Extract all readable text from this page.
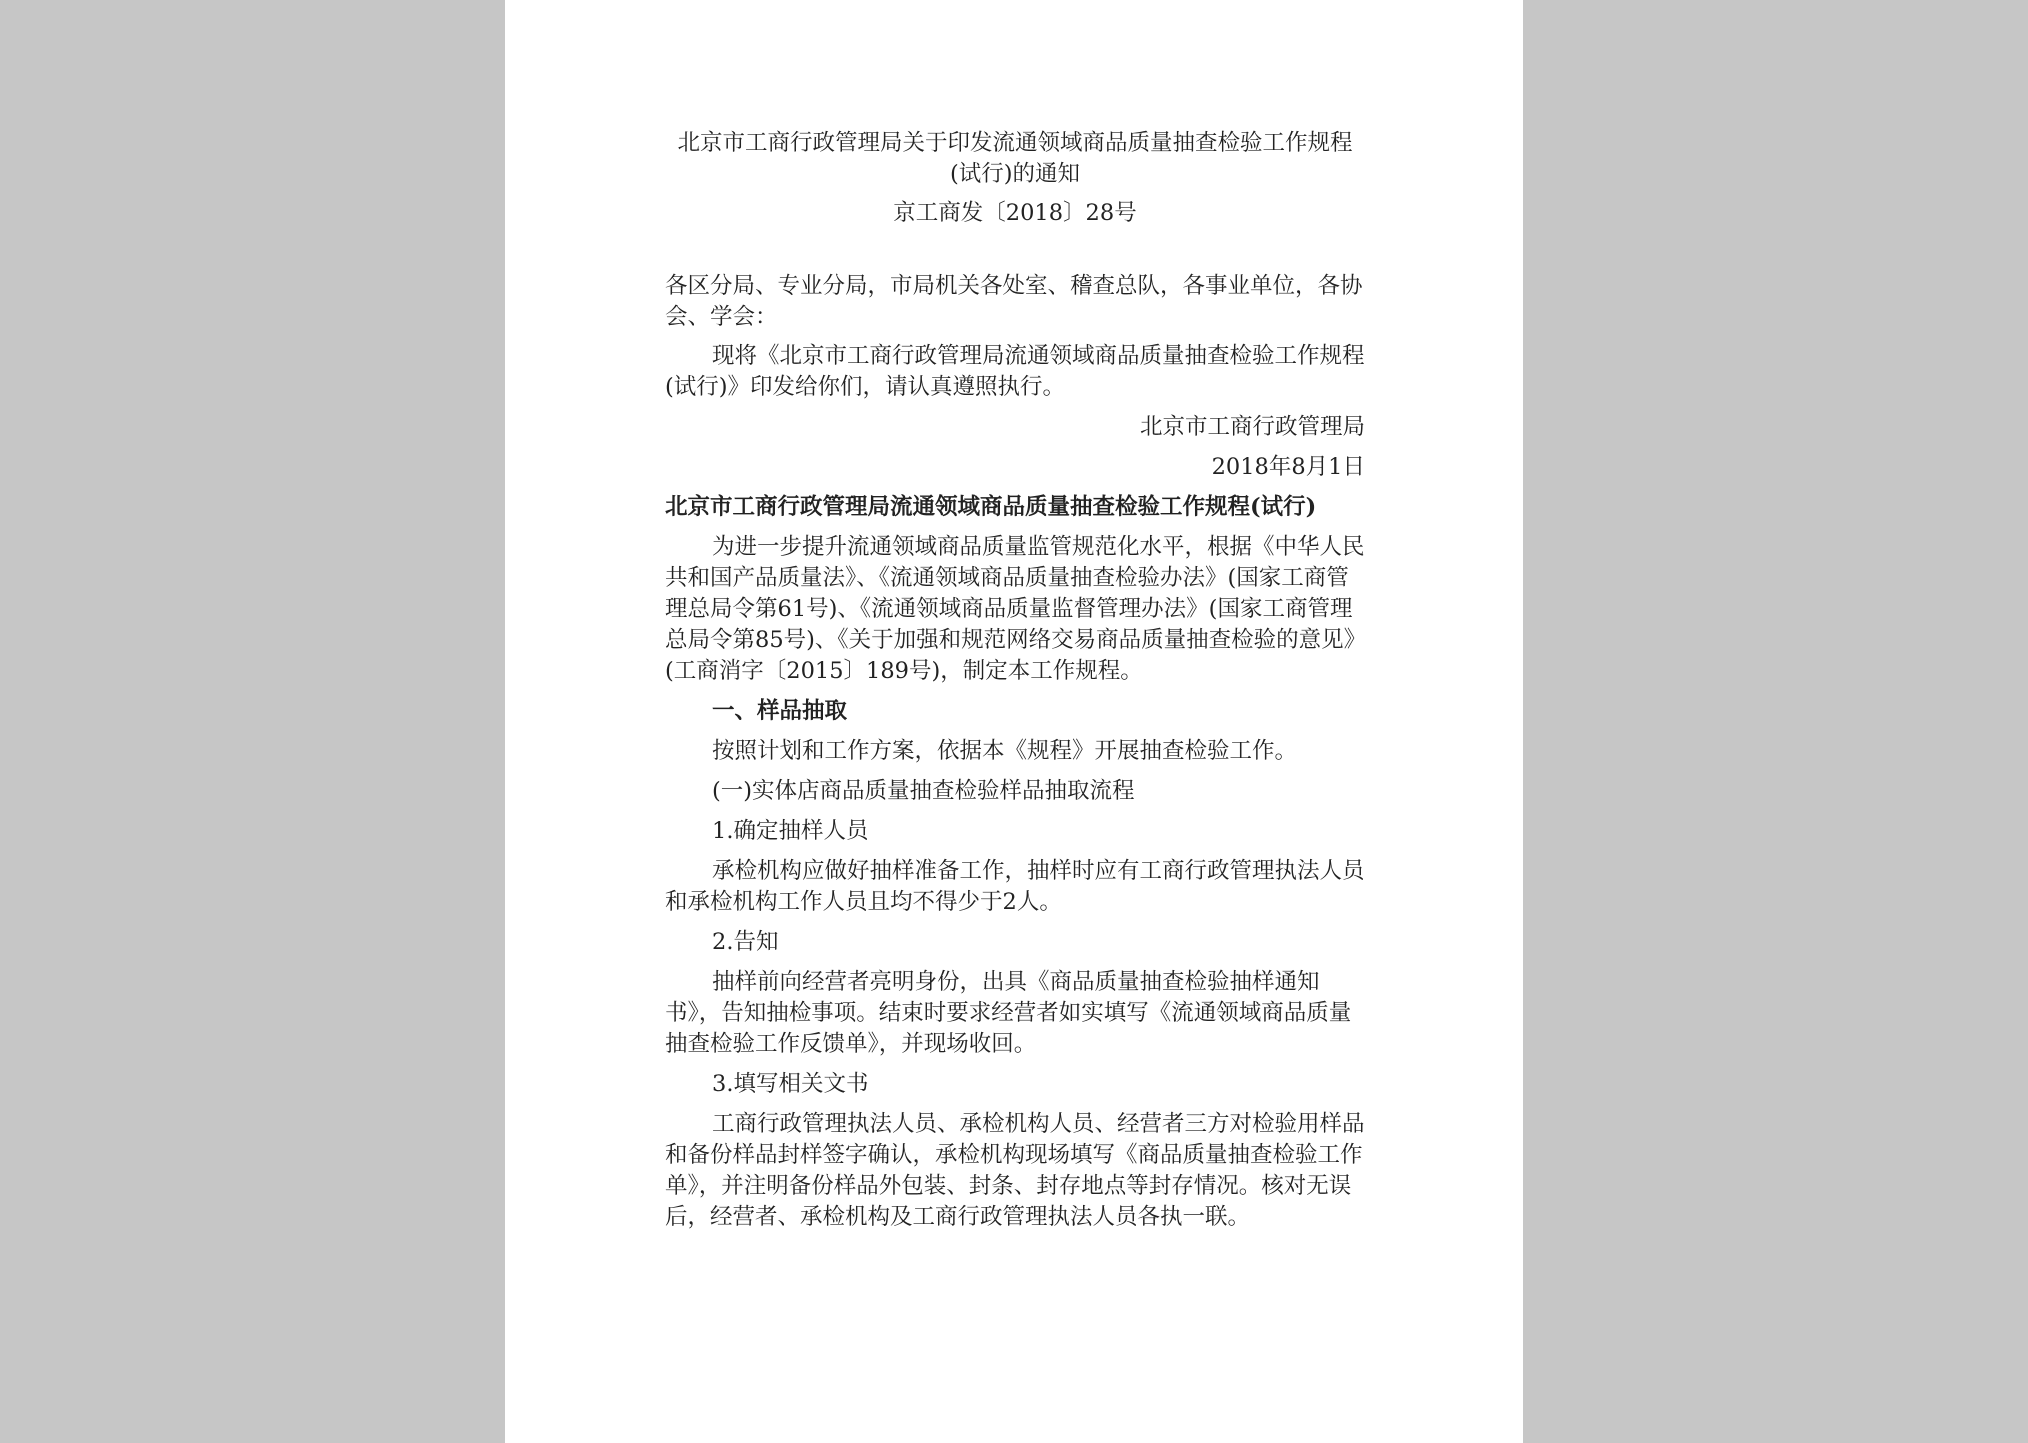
北京市工商行政管理局关于印发流通领域商品质量抽查检验工作规程(试行)的通知

京工商发〔2018〕28号

各区分局、专业分局，市局机关各处室、稽查总队，各事业单位，各协会、学会：

现将《北京市工商行政管理局流通领域商品质量抽查检验工作规程(试行)》印发给你们，请认真遵照执行。

北京市工商行政管理局

2018年8月1日

北京市工商行政管理局流通领域商品质量抽查检验工作规程(试行)

为进一步提升流通领域商品质量监管规范化水平，根据《中华人民共和国产品质量法》、《流通领域商品质量抽查检验办法》(国家工商管理总局令第61号)、《流通领域商品质量监督管理办法》(国家工商管理总局令第85号)、《关于加强和规范网络交易商品质量抽查检验的意见》(工商消字〔2015〕189号)，制定本工作规程。

一、样品抽取

按照计划和工作方案，依据本《规程》开展抽查检验工作。

(一)实体店商品质量抽查检验样品抽取流程

1.确定抽样人员

承检机构应做好抽样准备工作，抽样时应有工商行政管理执法人员和承检机构工作人员且均不得少于2人。

2.告知

抽样前向经营者亮明身份，出具《商品质量抽查检验抽样通知书》，告知抽检事项。结束时要求经营者如实填写《流通领域商品质量抽查检验工作反馈单》，并现场收回。

3.填写相关文书

工商行政管理执法人员、承检机构人员、经营者三方对检验用样品和备份样品封样签字确认，承检机构现场填写《商品质量抽查检验工作单》，并注明备份样品外包装、封条、封存地点等封存情况。核对无误后，经营者、承检机构及工商行政管理执法人员各执一联。
